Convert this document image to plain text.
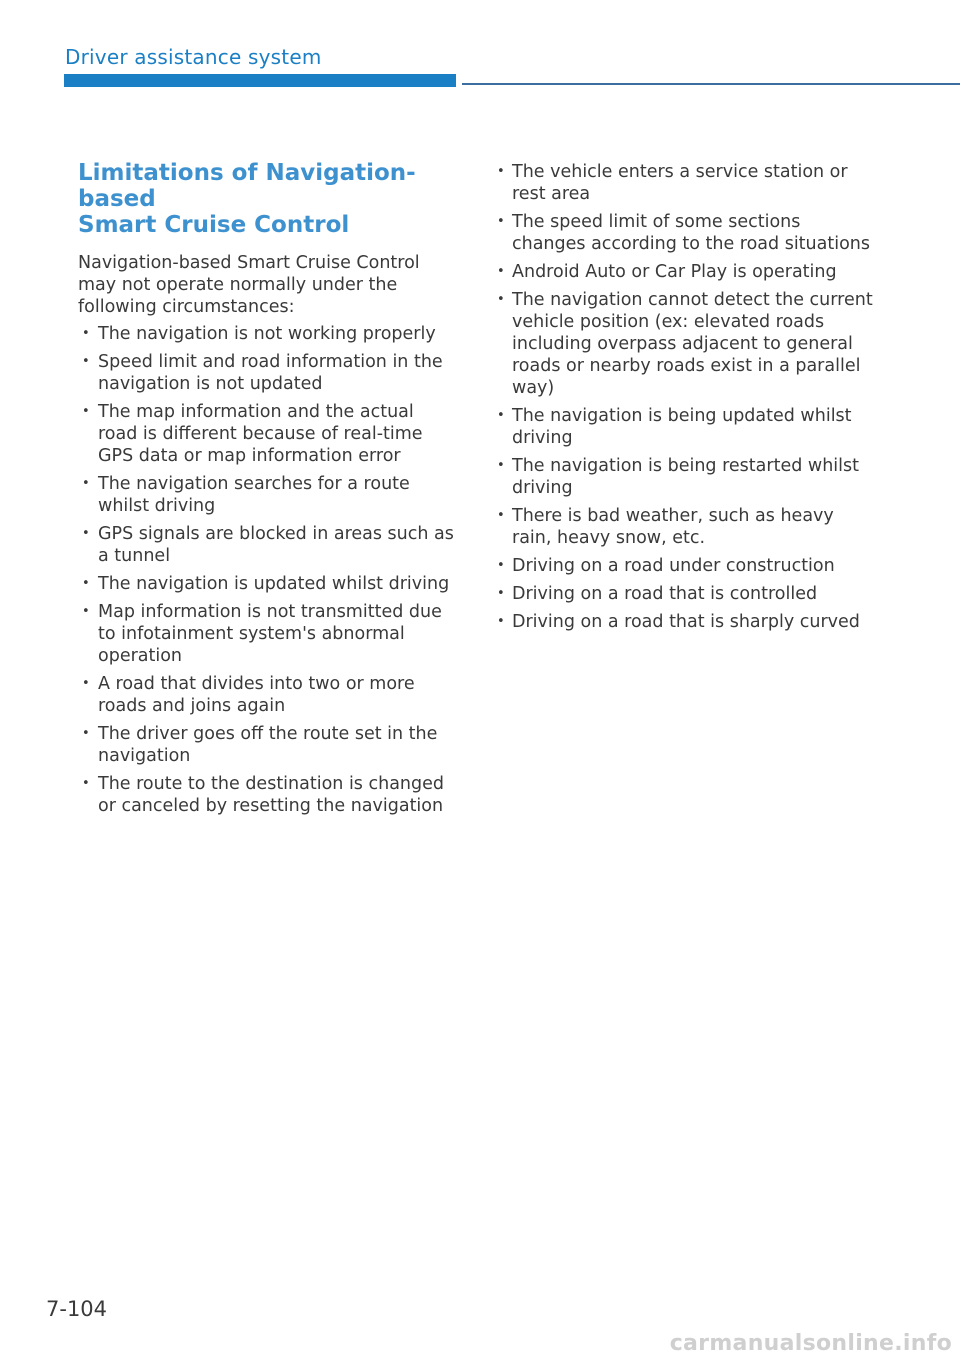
Driver assistance system
Limitations of Navigation-based
Smart Cruise Control

Navigation-based Smart Cruise Control may not operate normally under the following circumstances:

• The navigation is not working properly
• Speed limit and road information in the navigation is not updated
• The map information and the actual road is different because of real-time GPS data or map information error
• The navigation searches for a route whilst driving
• GPS signals are blocked in areas such as a tunnel
• The navigation is updated whilst driving
• Map information is not transmitted due to infotainment system's abnormal operation
• A road that divides into two or more roads and joins again
• The driver goes off the route set in the navigation
• The route to the destination is changed or canceled by resetting the navigation
• The vehicle enters a service station or rest area
• The speed limit of some sections changes according to the road situations
• Android Auto or Car Play is operating
• The navigation cannot detect the current vehicle position (ex: elevated roads including overpass adjacent to general roads or nearby roads exist in a parallel way)
• The navigation is being updated whilst driving
• The navigation is being restarted whilst driving
• There is bad weather, such as heavy rain, heavy snow, etc.
• Driving on a road under construction
• Driving on a road that is controlled
• Driving on a road that is sharply curved
7-104
carmanualsonline.info
